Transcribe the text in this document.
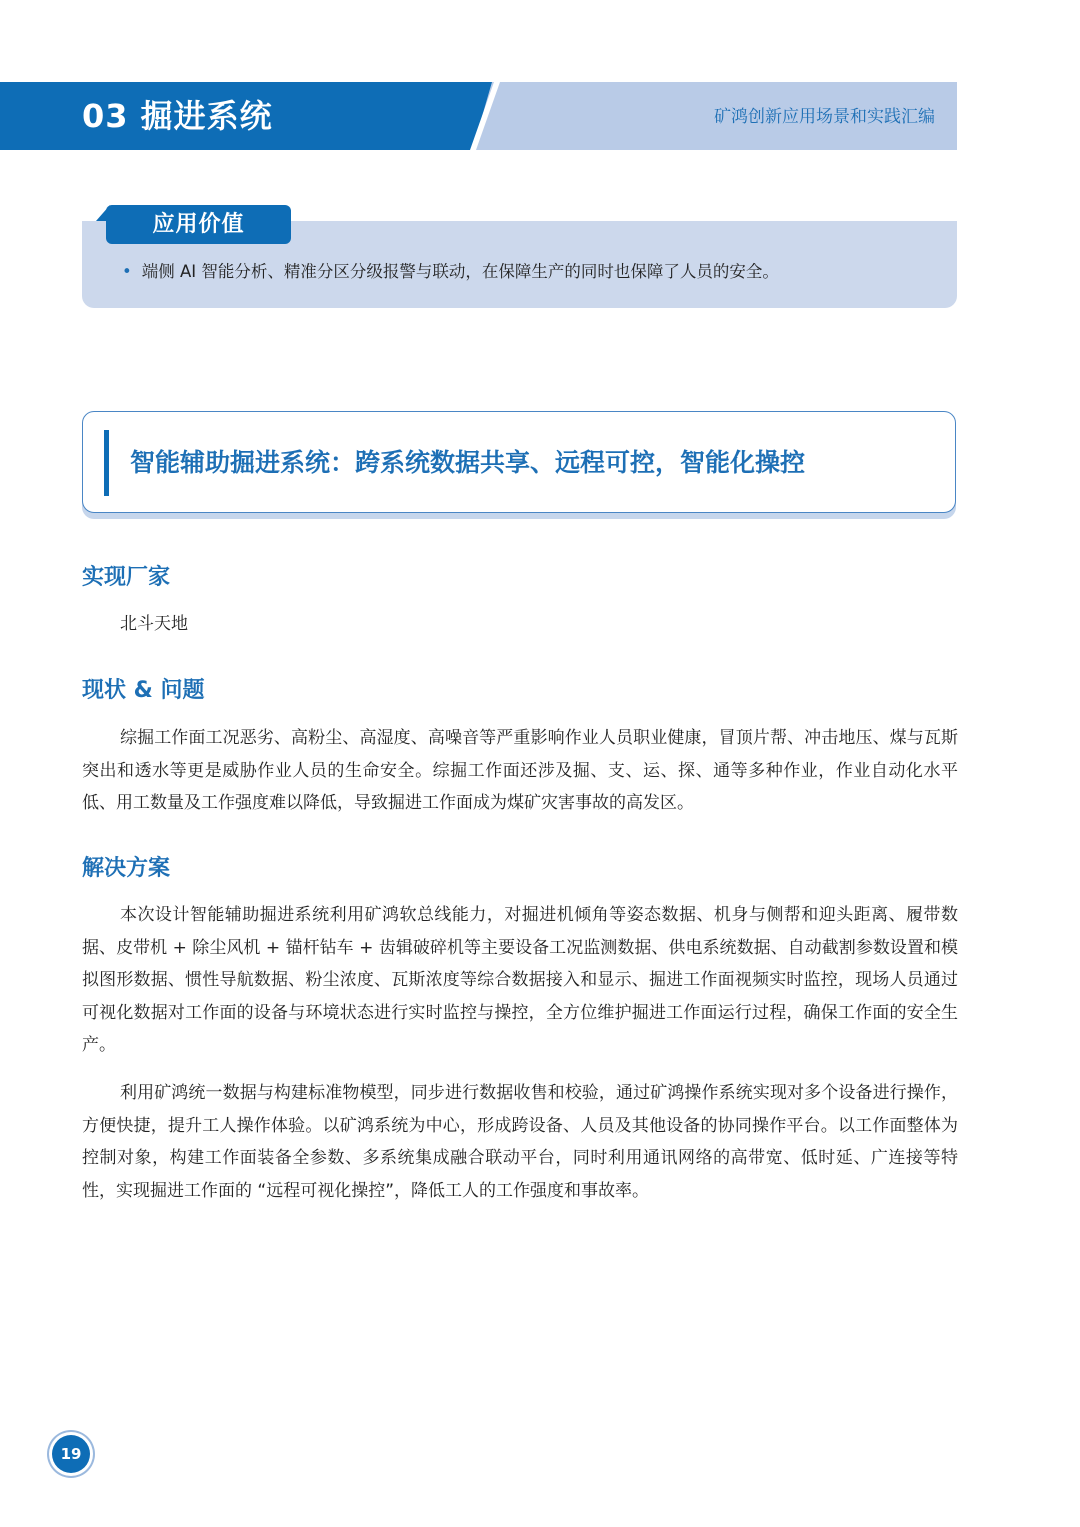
03 掘进系统	矿鸿创新应用场景和实践汇编
应用价值
• 端侧 AI 智能分析、精准分区分级报警与联动，在保障生产的同时也保障了人员的安全。
智能辅助掘进系统：跨系统数据共享、远程可控，智能化操控
实现厂家

北斗天地

现状 & 问题

综掘工作面工况恶劣、高粉尘、高湿度、高噪音等严重影响作业人员职业健康，冒顶片帮、冲击地压、煤与瓦斯突出和透水等更是威胁作业人员的生命安全。综掘工作面还涉及掘、支、运、探、通等多种作业，作业自动化水平低、用工数量及工作强度难以降低，导致掘进工作面成为煤矿灾害事故的高发区。

解决方案

本次设计智能辅助掘进系统利用矿鸿软总线能力，对掘进机倾角等姿态数据、机身与侧帮和迎头距离、履带数据、皮带机 + 除尘风机 + 锚杆钻车 + 齿辑破碎机等主要设备工况监测数据、供电系统数据、自动截割参数设置和模拟图形数据、惯性导航数据、粉尘浓度、瓦斯浓度等综合数据接入和显示、掘进工作面视频实时监控，现场人员通过可视化数据对工作面的设备与环境状态进行实时监控与操控，全方位维护掘进工作面运行过程，确保工作面的安全生产。

利用矿鸿统一数据与构建标准物模型，同步进行数据收售和校验，通过矿鸿操作系统实现对多个设备进行操作，方便快捷，提升工人操作体验。以矿鸿系统为中心，形成跨设备、人员及其他设备的协同操作平台。以工作面整体为控制对象，构建工作面装备全参数、多系统集成融合联动平台，同时利用通讯网络的高带宽、低时延、广连接等特性，实现掘进工作面的 “远程可视化操控”，降低工人的工作强度和事故率。

19
